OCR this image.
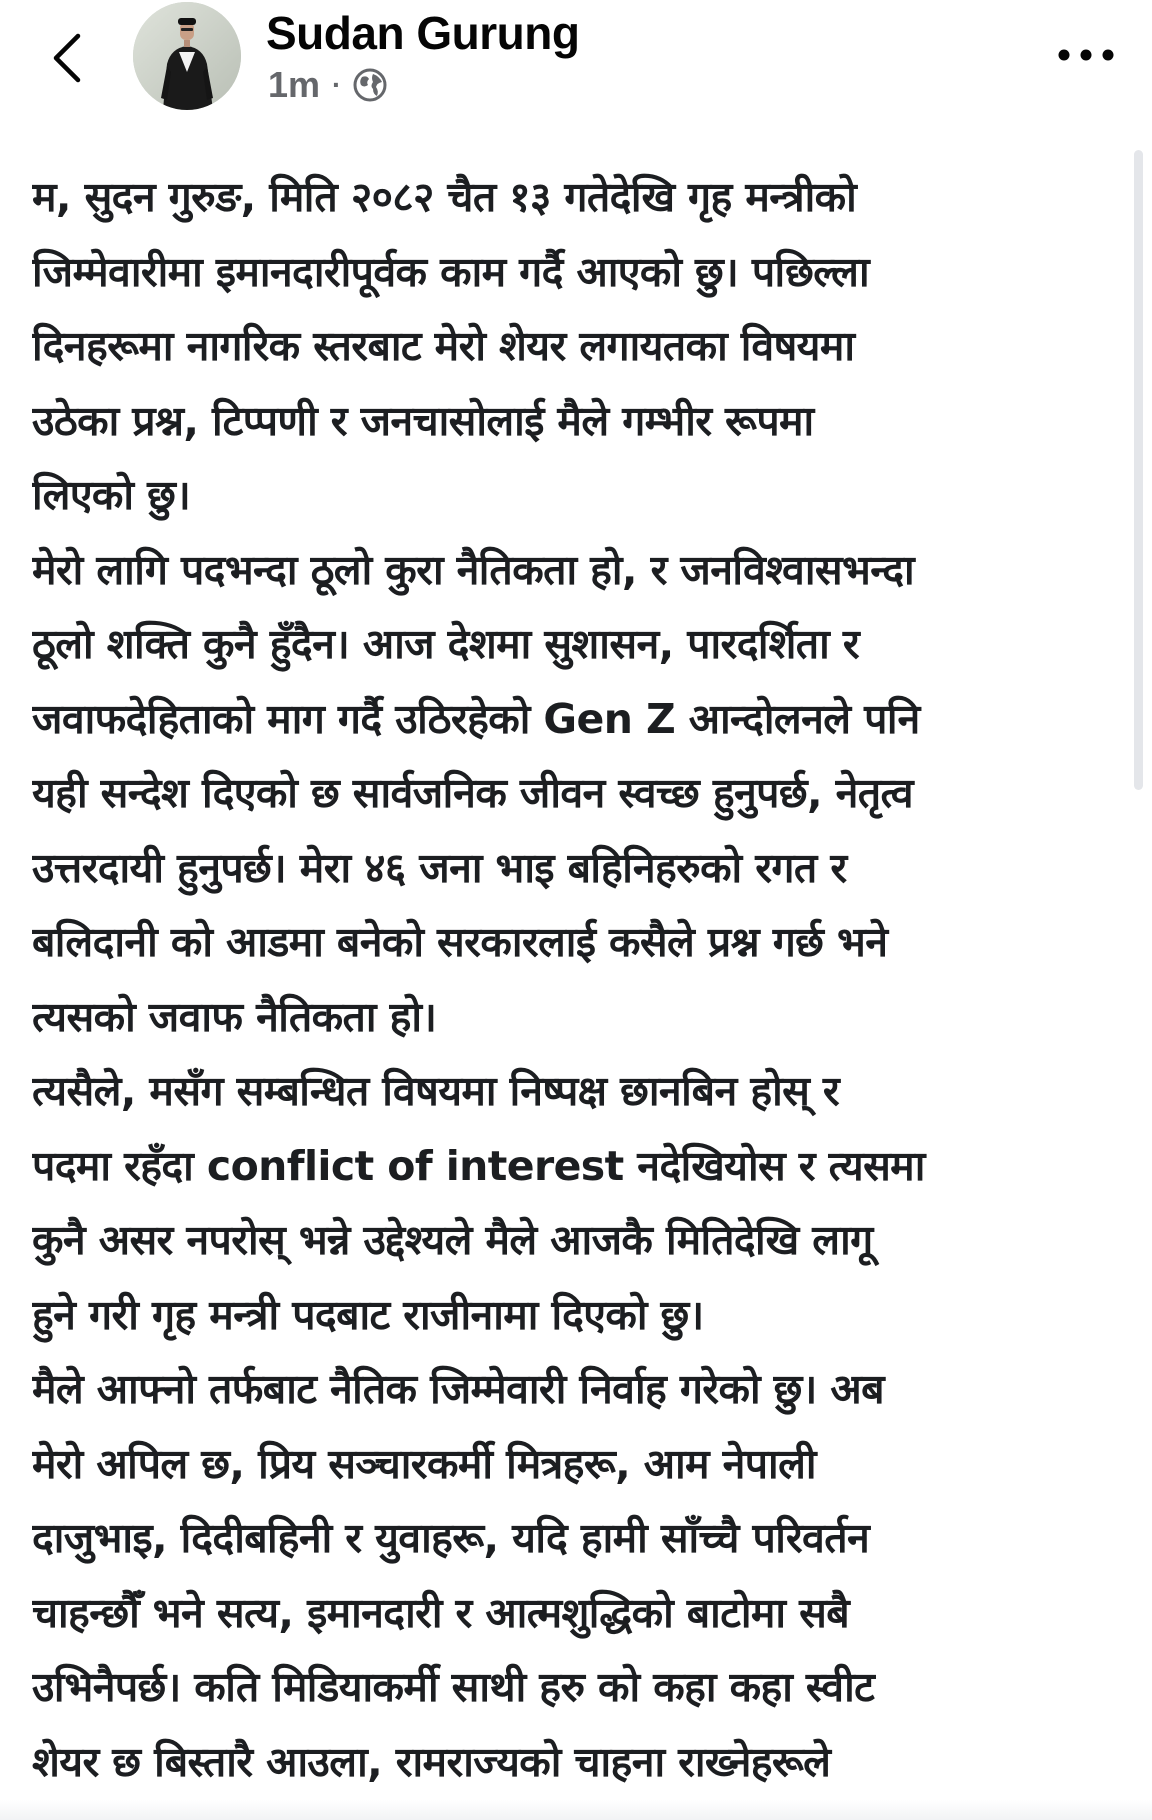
Sudan Gurung
1m ·
म, सुदन गुरुङ, मिति २०८२ चैत १३ गतेदेखि गृह मन्त्रीको
जिम्मेवारीमा इमानदारीपूर्वक काम गर्दै आएको छु। पछिल्ला
दिनहरूमा नागरिक स्तरबाट मेरो शेयर लगायतका विषयमा
उठेका प्रश्न, टिप्पणी र जनचासोलाई मैले गम्भीर रूपमा
लिएको छु।
मेरो लागि पदभन्दा ठूलो कुरा नैतिकता हो, र जनविश्वासभन्दा
ठूलो शक्ति कुनै हुँदैन। आज देशमा सुशासन, पारदर्शिता र
जवाफदेहिताको माग गर्दै उठिरहेको Gen Z आन्दोलनले पनि
यही सन्देश दिएको छ सार्वजनिक जीवन स्वच्छ हुनुपर्छ, नेतृत्व
उत्तरदायी हुनुपर्छ। मेरा ४६ जना भाइ बहिनिहरुको रगत र
बलिदानी को आडमा बनेको सरकारलाई कसैले प्रश्न गर्छ भने
त्यसको जवाफ नैतिकता हो।
त्यसैले, मसँग सम्बन्धित विषयमा निष्पक्ष छानबिन होस् र
पदमा रहँदा conflict of interest नदेखियोस र त्यसमा
कुनै असर नपरोस् भन्ने उद्देश्यले मैले आजकै मितिदेखि लागू
हुने गरी गृह मन्त्री पदबाट राजीनामा दिएको छु।
मैले आफ्नो तर्फबाट नैतिक जिम्मेवारी निर्वाह गरेको छु। अब
मेरो अपिल छ, प्रिय सञ्चारकर्मी मित्रहरू, आम नेपाली
दाजुभाइ, दिदीबहिनी र युवाहरू, यदि हामी साँच्चै परिवर्तन
चाहन्छौँ भने सत्य, इमानदारी र आत्मशुद्धिको बाटोमा सबै
उभिनैपर्छ। कति मिडियाकर्मी साथी हरु को कहा कहा स्वीट
शेयर छ बिस्तारै आउला, रामराज्यको चाहना राख्नेहरूले
